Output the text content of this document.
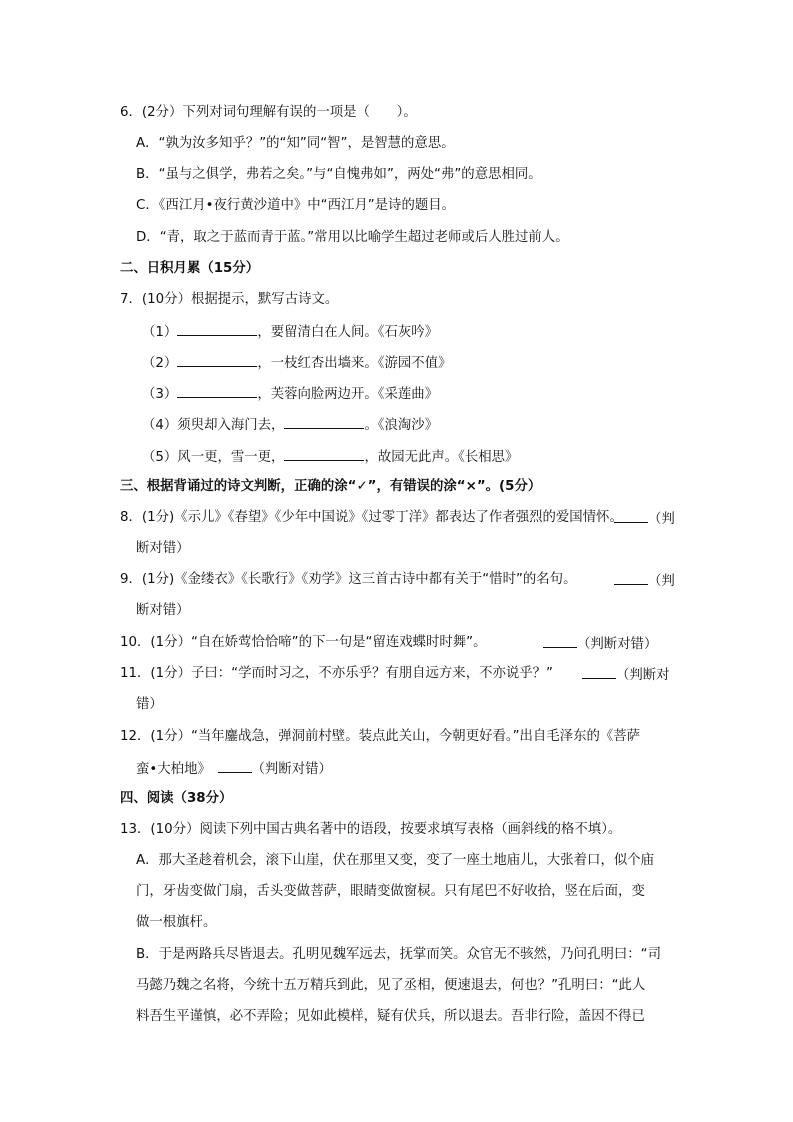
6．(2分）下列对词句理解有误的一项是（　　）。
A．“孰为汝多知乎？”的“知”同“智”，是智慧的意思。
B．“虽与之俱学，弗若之矣。”与“自愧弗如”，两处“弗”的意思相同。
C．《西江月•夜行黄沙道中》中“西江月”是诗的题目。
D．“青，取之于蓝而青于蓝。”常用以比喻学生超过老师或后人胜过前人。
二、日积月累（15分）
7．(10分）根据提示，默写古诗文。
（1）	，要留清白在人间。《石灰吟》
（2）	，一枝红杏出墙来。《游园不值》
（3）	，芙蓉向脸两边开。《采莲曲》
（4）须臾却入海门去，	。《浪淘沙》
（5）风一更，雪一更，	，故园无此声。《长相思》
三、根据背诵过的诗文判断，正确的涂“✓”，有错误的涂“×”。(5分）
8．(1分)《示儿》《春望》《少年中国说》《过零丁洋》都表达了作者强烈的爱国情怀。	（判
断对错）
9．(1分)《金缕衣》《长歌行》《劝学》这三首古诗中都有关于“惜时”的名句。	（判
断对错）
10．(1分）“自在娇莺恰恰啼”的下一句是“留连戏蝶时时舞”。	（判断对错）
11．(1分）子曰：“学而时习之，不亦乐乎？有朋自远方来，不亦说乎？”	（判断对
错）
12．(1分）“当年鏖战急，弹洞前村壁。装点此关山，今朝更好看。”出自毛泽东的《菩萨
蛮•大柏地》　	（判断对错）
四、阅读（38分）
13．(10分）阅读下列中国古典名著中的语段，按要求填写表格（画斜线的格不填）。
A．那大圣趁着机会，滚下山崖，伏在那里又变，变了一座土地庙儿，大张着口，似个庙
门，牙齿变做门扇，舌头变做菩萨，眼睛变做窗棂。只有尾巴不好收拾，竖在后面，变
做一根旗杆。
B．于是两路兵尽皆退去。孔明见魏军远去，抚掌而笑。众官无不骇然，乃问孔明曰：“司
马懿乃魏之名将，今统十五万精兵到此，见了丞相，便速退去，何也？”孔明曰：“此人
料吾生平谨慎，必不弄险；见如此模样，疑有伏兵，所以退去。吾非行险，盖因不得已
